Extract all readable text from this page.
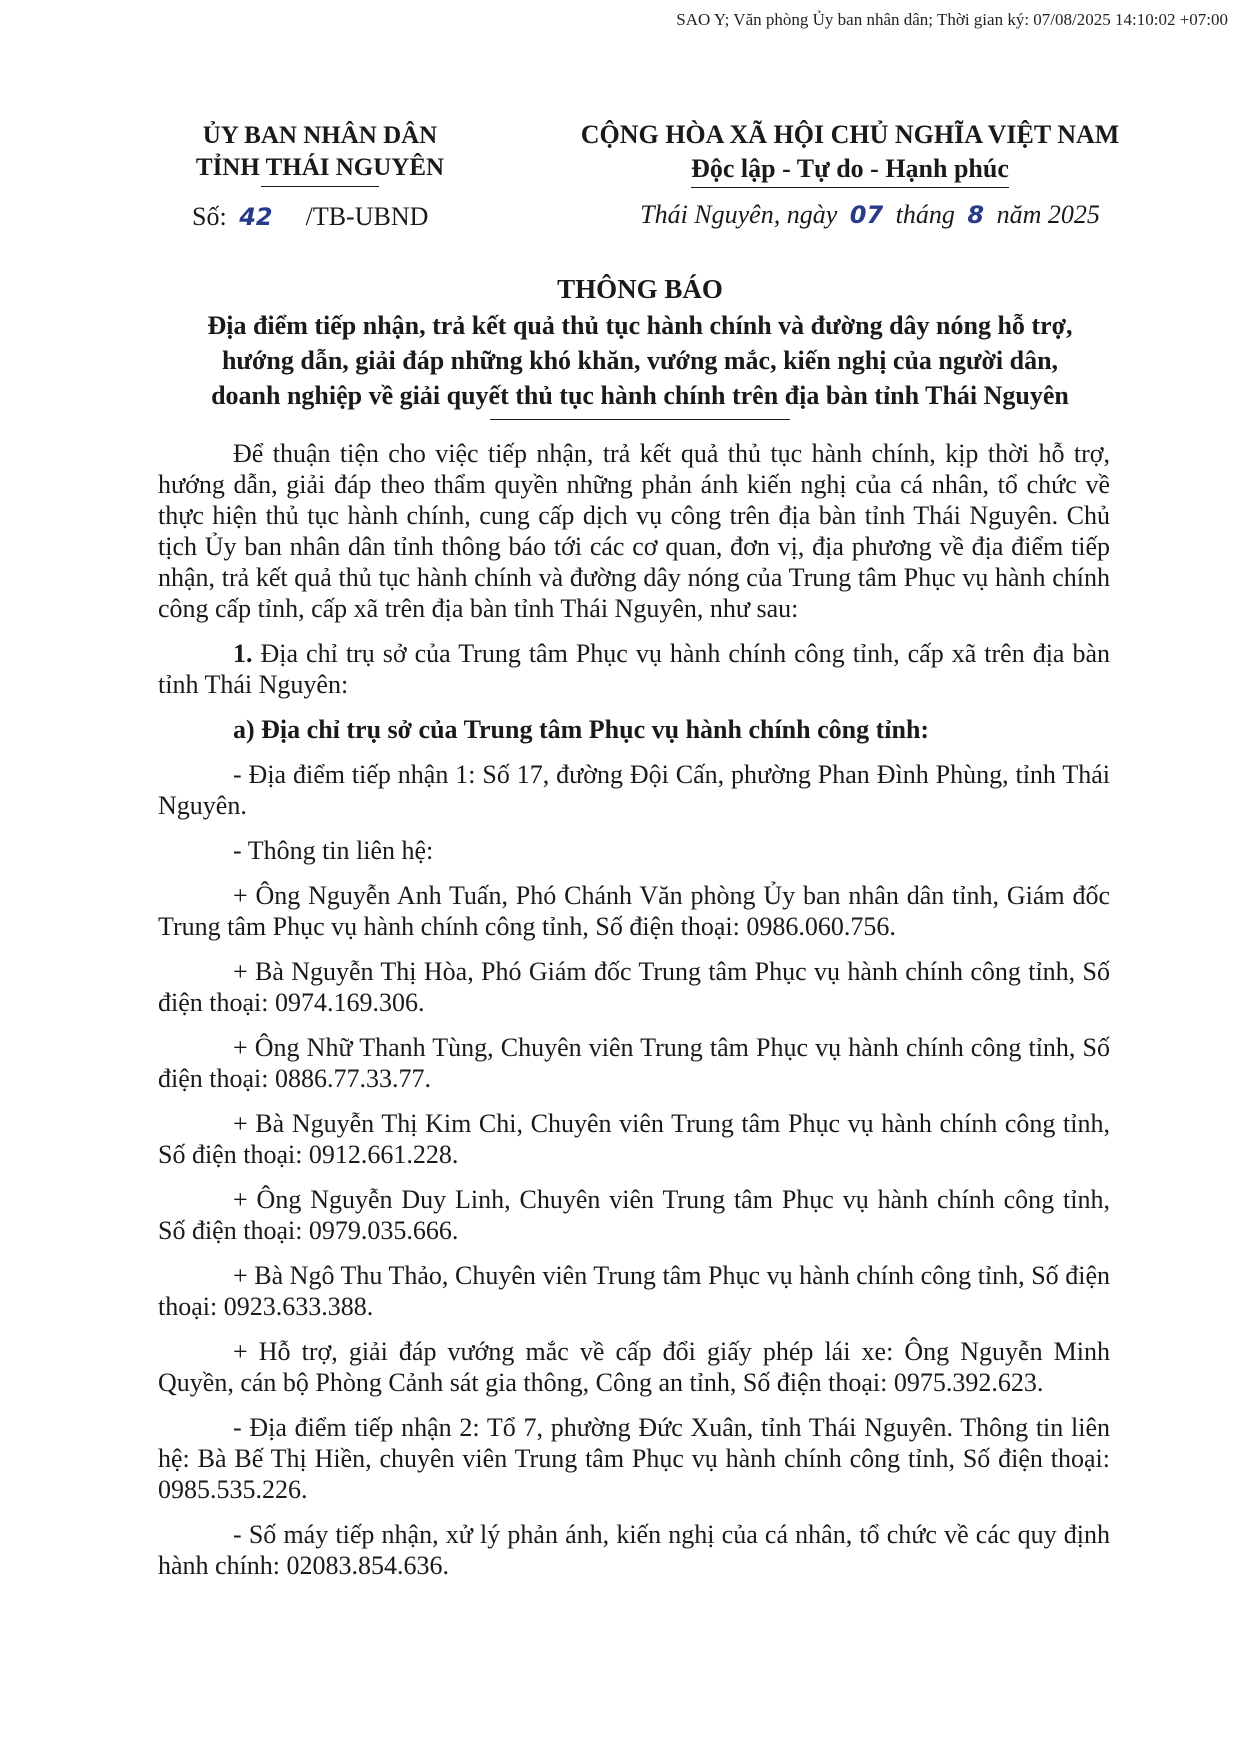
SAO Y; Văn phòng Ủy ban nhân dân; Thời gian ký: 07/08/2025 14:10:02 +07:00
ỦY BAN NHÂN DÂN
TỈNH THÁI NGUYÊN
CỘNG HÒA XÃ HỘI CHỦ NGHĨA VIỆT NAM
Độc lập - Tự do - Hạnh phúc
Số: 42 /TB-UBND	Thái Nguyên, ngày 07 tháng 8 năm 2025
THÔNG BÁO
Địa điểm tiếp nhận, trả kết quả thủ tục hành chính và đường dây nóng hỗ trợ,
hướng dẫn, giải đáp những khó khăn, vướng mắc, kiến nghị của người dân,
doanh nghiệp về giải quyết thủ tục hành chính trên địa bàn tỉnh Thái Nguyên

Để thuận tiện cho việc tiếp nhận, trả kết quả thủ tục hành chính, kịp thời hỗ trợ, hướng dẫn, giải đáp theo thẩm quyền những phản ánh kiến nghị của cá nhân, tổ chức về thực hiện thủ tục hành chính, cung cấp dịch vụ công trên địa bàn tỉnh Thái Nguyên. Chủ tịch Ủy ban nhân dân tỉnh thông báo tới các cơ quan, đơn vị, địa phương về địa điểm tiếp nhận, trả kết quả thủ tục hành chính và đường dây nóng của Trung tâm Phục vụ hành chính công cấp tỉnh, cấp xã trên địa bàn tỉnh Thái Nguyên, như sau:

1. Địa chỉ trụ sở của Trung tâm Phục vụ hành chính công tỉnh, cấp xã trên địa bàn tỉnh Thái Nguyên:

a) Địa chỉ trụ sở của Trung tâm Phục vụ hành chính công tỉnh:

- Địa điểm tiếp nhận 1: Số 17, đường Đội Cấn, phường Phan Đình Phùng, tỉnh Thái Nguyên.

- Thông tin liên hệ:

+ Ông Nguyễn Anh Tuấn, Phó Chánh Văn phòng Ủy ban nhân dân tỉnh, Giám đốc Trung tâm Phục vụ hành chính công tỉnh, Số điện thoại: 0986.060.756.

+ Bà Nguyễn Thị Hòa, Phó Giám đốc Trung tâm Phục vụ hành chính công tỉnh, Số điện thoại: 0974.169.306.

+ Ông Nhữ Thanh Tùng, Chuyên viên Trung tâm Phục vụ hành chính công tỉnh, Số điện thoại: 0886.77.33.77.

+ Bà Nguyễn Thị Kim Chi, Chuyên viên Trung tâm Phục vụ hành chính công tỉnh, Số điện thoại: 0912.661.228.

+ Ông Nguyễn Duy Linh, Chuyên viên Trung tâm Phục vụ hành chính công tỉnh, Số điện thoại: 0979.035.666.

+ Bà Ngô Thu Thảo, Chuyên viên Trung tâm Phục vụ hành chính công tỉnh, Số điện thoại: 0923.633.388.

+ Hỗ trợ, giải đáp vướng mắc về cấp đổi giấy phép lái xe: Ông Nguyễn Minh Quyền, cán bộ Phòng Cảnh sát gia thông, Công an tỉnh, Số điện thoại: 0975.392.623.

- Địa điểm tiếp nhận 2: Tổ 7, phường Đức Xuân, tỉnh Thái Nguyên. Thông tin liên hệ: Bà Bế Thị Hiền, chuyên viên Trung tâm Phục vụ hành chính công tỉnh, Số điện thoại: 0985.535.226.

- Số máy tiếp nhận, xử lý phản ánh, kiến nghị của cá nhân, tổ chức về các quy định hành chính: 02083.854.636.
